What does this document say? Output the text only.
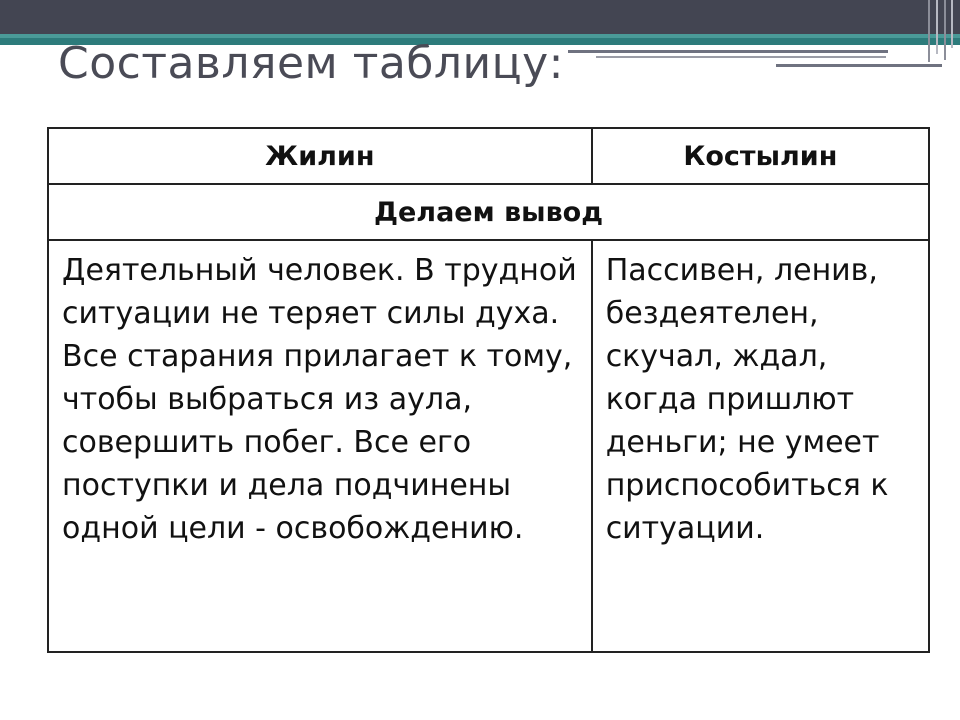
Составляем таблицу:
Жилин	Костылин
Делаем вывод	
Деятельный человек. В трудной ситуации не теряет силы духа. Все старания прилагает к тому, чтобы выбраться из аула, совершить побег. Все его поступки и дела подчинены одной цели - освобождению.	Пассивен, ленив, бездеятелен, скучал, ждал, когда пришлют деньги; не умеет приспособиться к ситуации.
